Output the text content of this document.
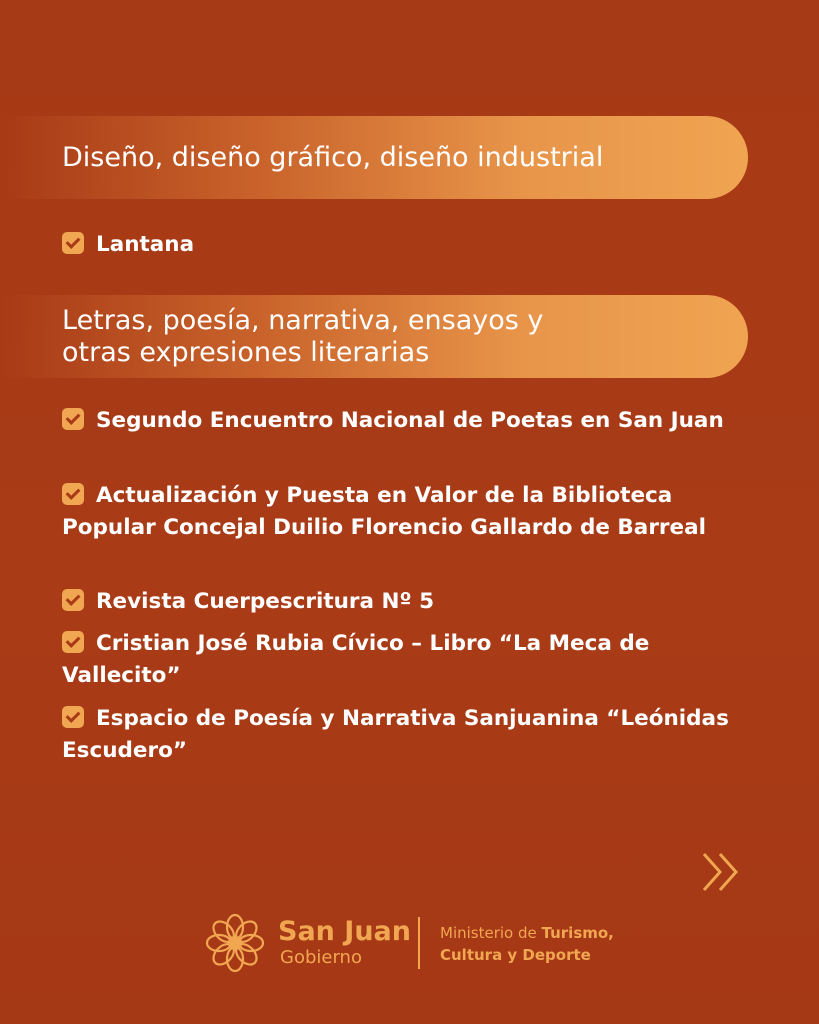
Diseño, diseño gráfico, diseño industrial
Lantana
Letras, poesía, narrativa, ensayos y
otras expresiones literarias
Segundo Encuentro Nacional de Poetas en San Juan
Actualización y Puesta en Valor de la Biblioteca Popular Concejal Duilio Florencio Gallardo de Barreal
Revista Cuerpescritura Nº 5
Cristian José Rubia Cívico – Libro “La Meca de Vallecito”
Espacio de Poesía y Narrativa Sanjuanina “Leónidas Escudero”
San Juan
Gobierno
Ministerio de Turismo,
Cultura y Deporte
